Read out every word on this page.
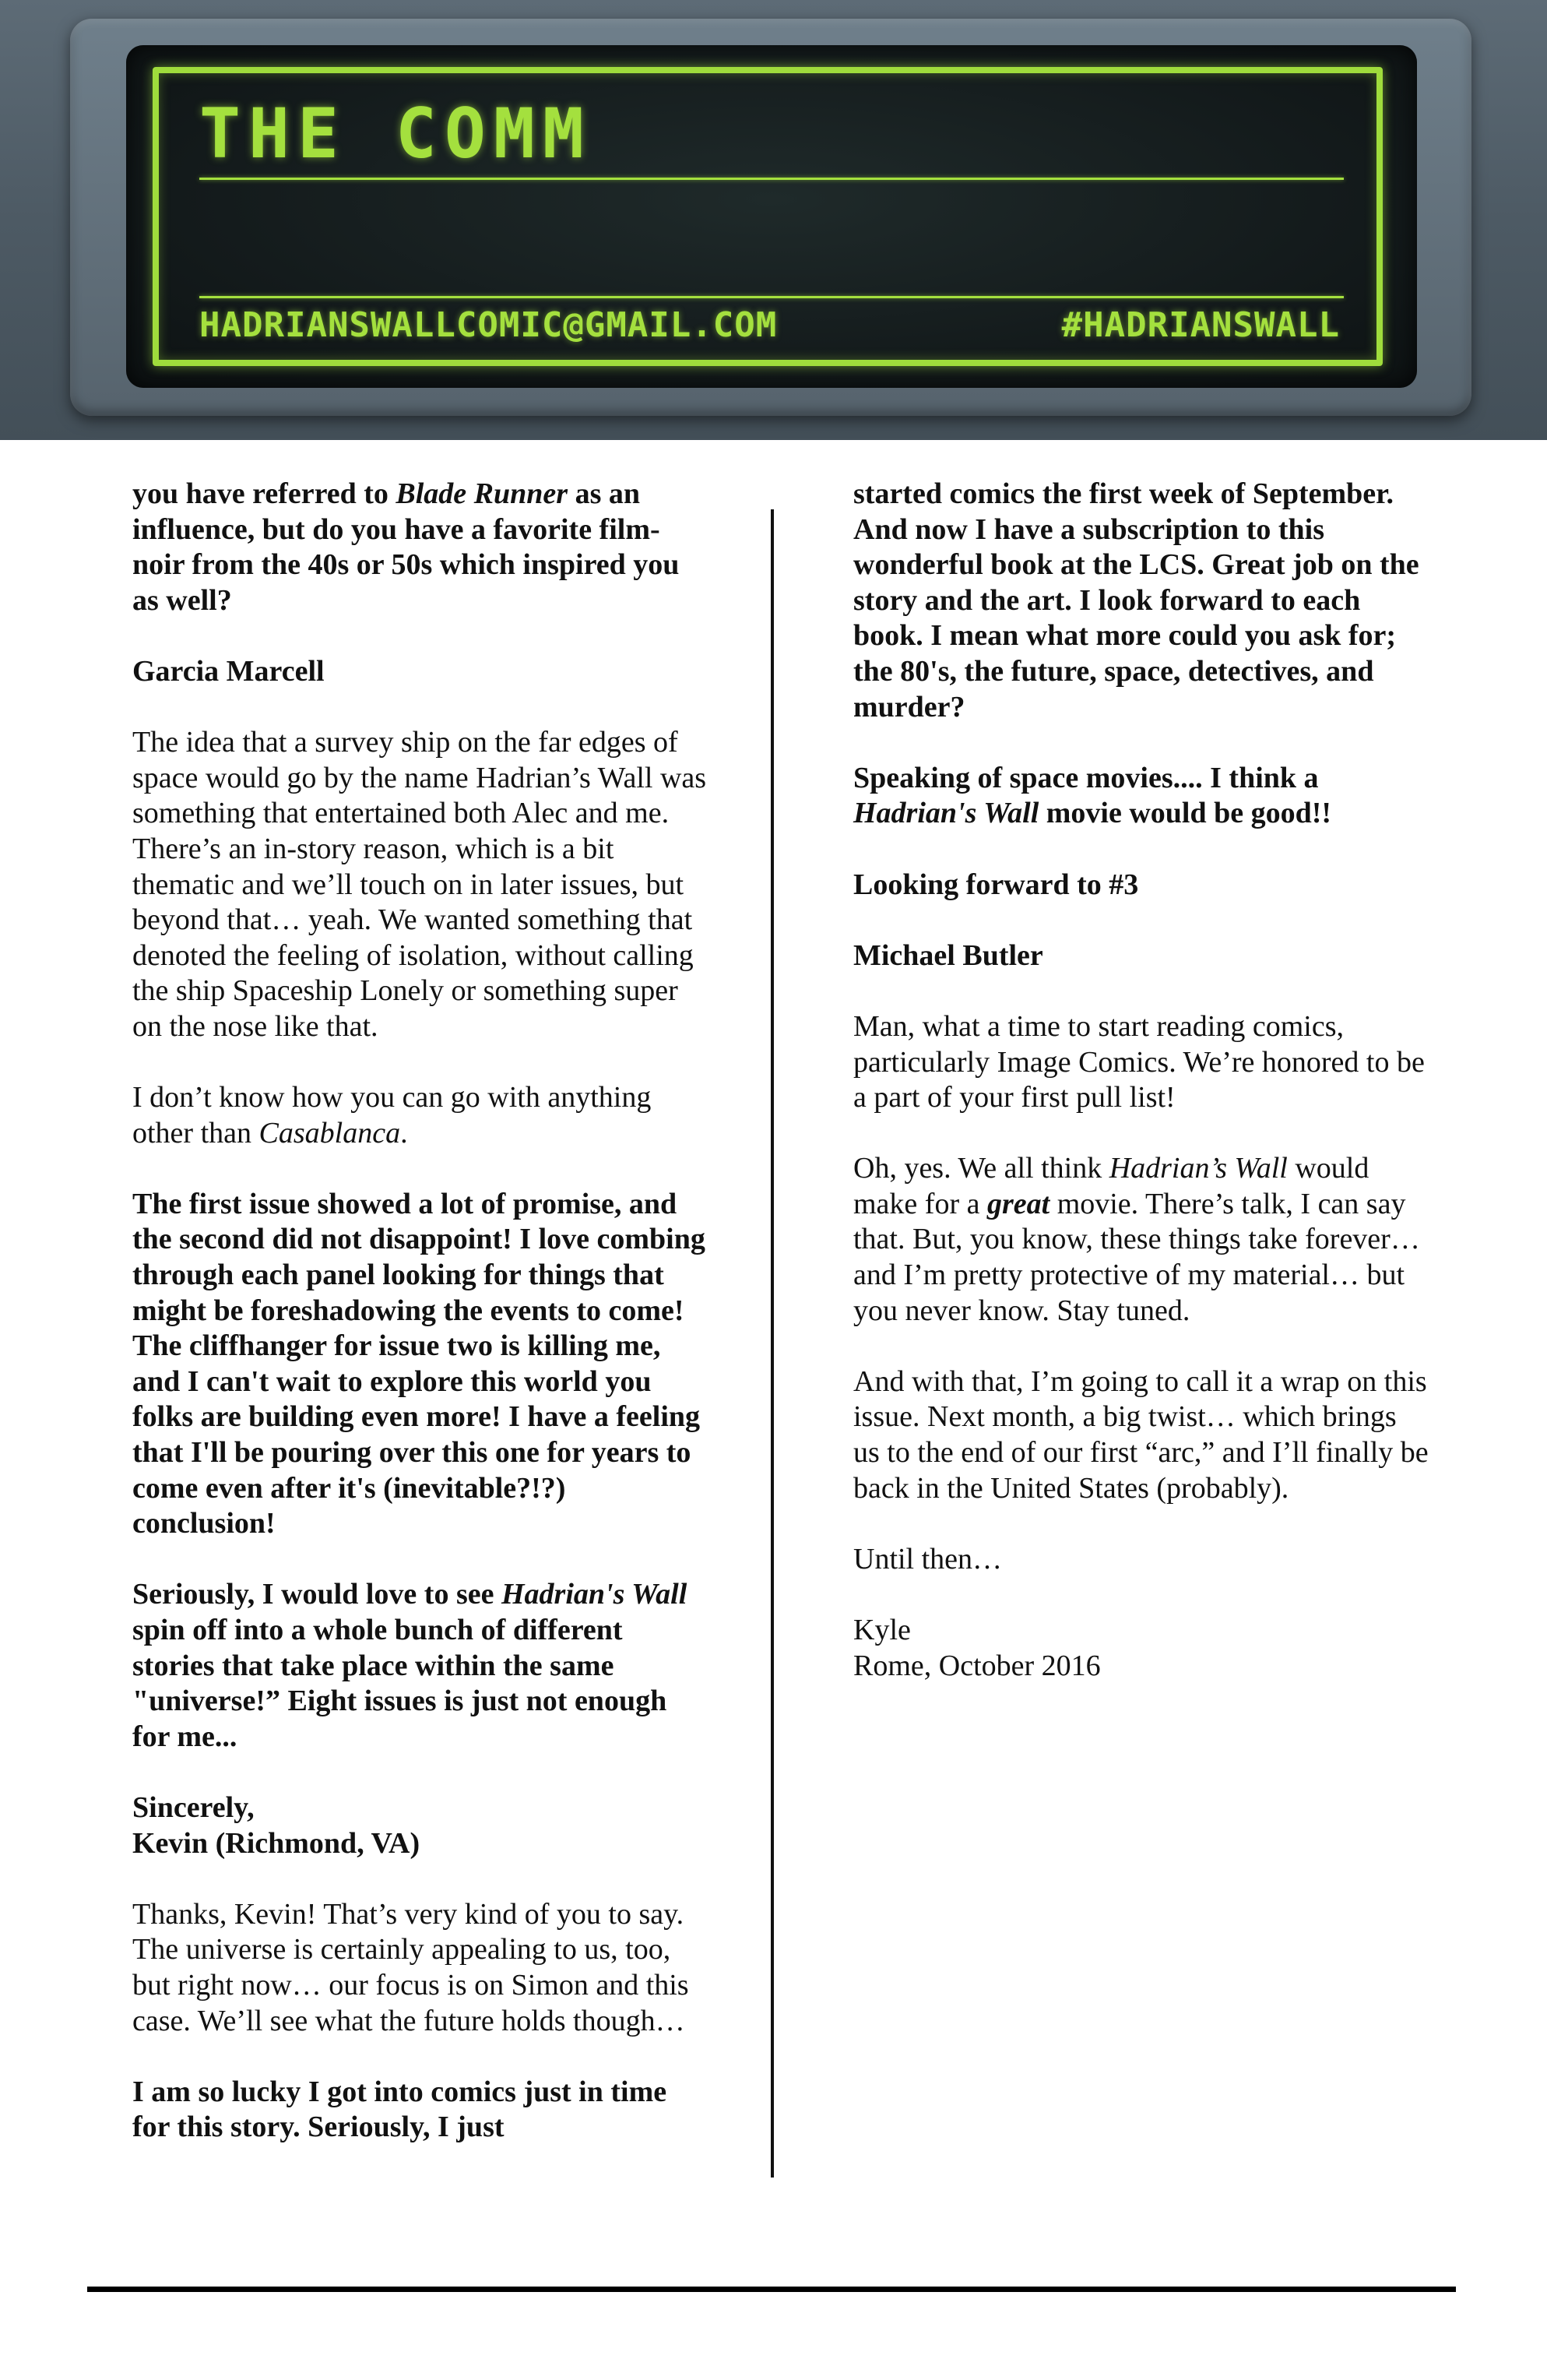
THE COMM

HADRIANSWALLCOMIC@GMAIL.COM	#HADRIANSWALL

you have referred to Blade Runner as an influence, but do you have a favorite film-noir from the 40s or 50s which inspired you as well?

Garcia Marcell

The idea that a survey ship on the far edges of space would go by the name Hadrian’s Wall was something that entertained both Alec and me. There’s an in-story reason, which is a bit thematic and we’ll touch on in later issues, but beyond that… yeah. We wanted something that denoted the feeling of isolation, without calling the ship Spaceship Lonely or something super on the nose like that.

I don’t know how you can go with anything other than Casablanca.

The first issue showed a lot of promise, and the second did not disappoint! I love combing through each panel looking for things that might be foreshadowing the events to come! The cliffhanger for issue two is killing me, and I can't wait to explore this world you folks are building even more! I have a feeling that I'll be pouring over this one for years to come even after it's (inevitable?!?) conclusion!

Seriously, I would love to see Hadrian's Wall spin off into a whole bunch of different stories that take place within the same "universe!” Eight issues is just not enough for me...

Sincerely,
Kevin (Richmond, VA)

Thanks, Kevin! That’s very kind of you to say. The universe is certainly appealing to us, too, but right now… our focus is on Simon and this case. We’ll see what the future holds though…

I am so lucky I got into comics just in time for this story. Seriously, I just

started comics the first week of September. And now I have a subscription to this wonderful book at the LCS. Great job on the story and the art. I look forward to each book. I mean what more could you ask for; the 80's, the future, space, detectives, and murder?

Speaking of space movies.... I think a Hadrian's Wall movie would be good!!

Looking forward to #3

Michael Butler

Man, what a time to start reading comics, particularly Image Comics. We’re honored to be a part of your first pull list!

Oh, yes. We all think Hadrian’s Wall would make for a great movie. There’s talk, I can say that. But, you know, these things take forever… and I’m pretty protective of my material… but you never know. Stay tuned.

And with that, I’m going to call it a wrap on this issue. Next month, a big twist… which brings us to the end of our first “arc,” and I’ll finally be back in the United States (probably).

Until then…

Kyle
Rome, October 2016
